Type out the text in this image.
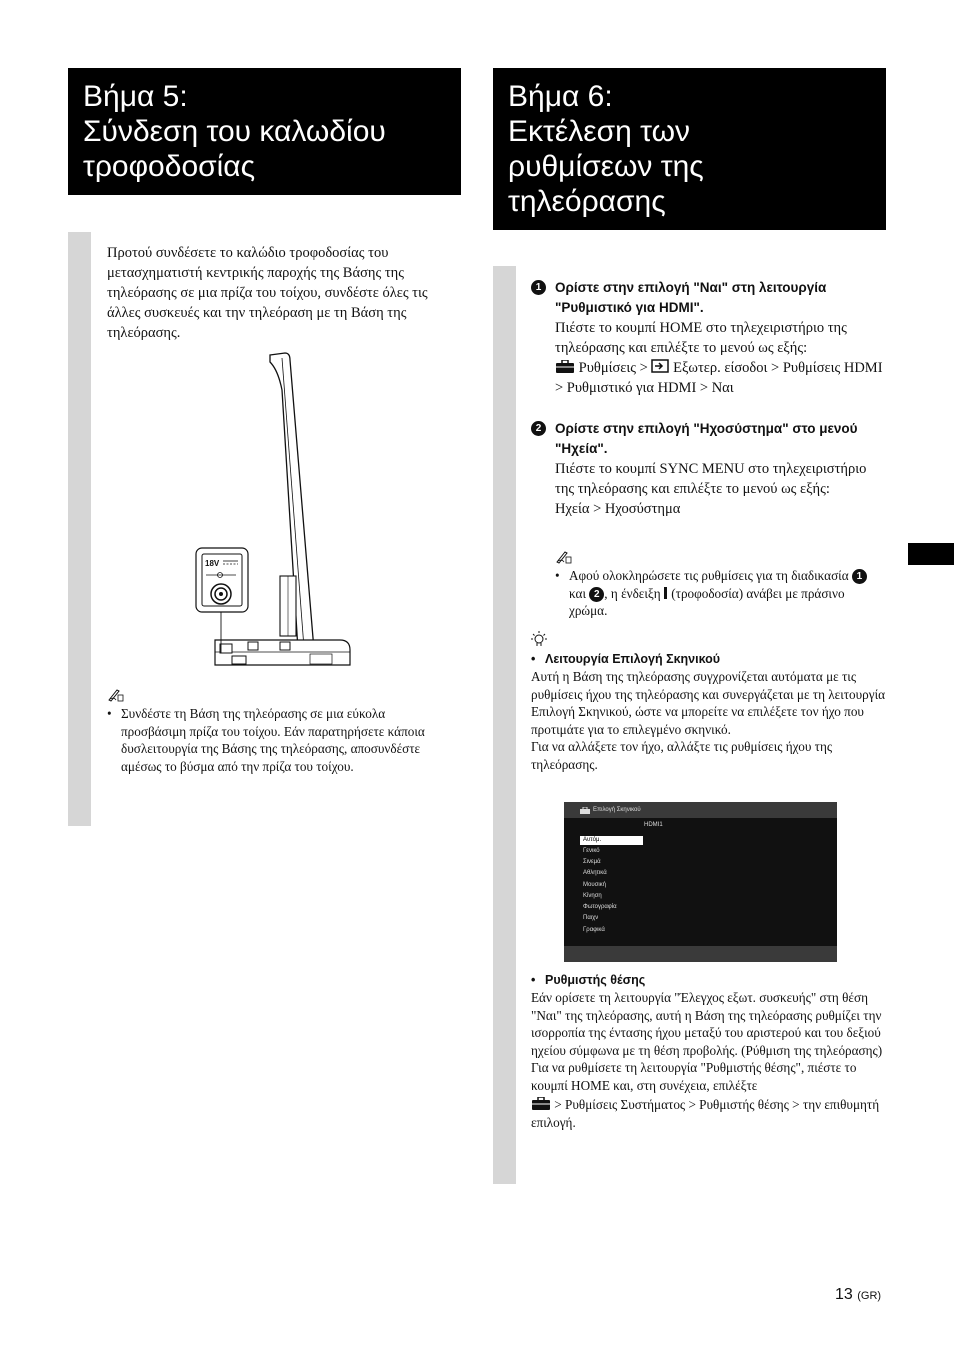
Βήμα 5:
Σύνδεση του καλωδίου
τροφοδοσίας
Βήμα 6:
Εκτέλεση των
ρυθμίσεων της
τηλεόρασης

Προτού συνδέσετε το καλώδιο τροφοδοσίας του μετασχηματιστή κεντρικής παροχής της Βάσης της τηλεόρασης σε μια πρίζα του τοίχου, συνδέστε όλες τις άλλες συσκευές και την τηλεόραση με τη Βάση της τηλεόρασης.

18V

• Συνδέστε τη Βάση της τηλεόρασης σε μια εύκολα προσβάσιμη πρίζα του τοίχου. Εάν παρατηρήσετε κάποια δυσλειτουργία της Βάσης της τηλεόρασης, αποσυνδέστε αμέσως το βύσμα από την πρίζα του τοίχου.

1	Ορίστε στην επιλογή "Ναι" στη λειτουργία "Ρυθμιστικό για HDMI".

Πιέστε το κουμπί HOME στο τηλεχειριστήριο της τηλεόρασης και επιλέξτε το μενού ως εξής:

Ρυθμίσεις > Εξωτερ. είσοδοι > Ρυθμίσεις HDMI > Ρυθμιστικό για HDMI > Ναι

2	Ορίστε στην επιλογή "Ηχοσύστημα" στο μενού "Ηχεία".

Πιέστε το κουμπί SYNC MENU στο τηλεχειριστήριο της τηλεόρασης και επιλέξτε το μενού ως εξής:

Ηχεία > Ηχοσύστημα

• Αφού ολοκληρώσετε τις ρυθμίσεις για τη διαδικασία 1 και 2 , η ένδειξη (τροφοδοσία) ανάβει με πράσινο χρώμα.

• Λειτουργία Επιλογή Σκηνικού

Αυτή η Βάση της τηλεόρασης συγχρονίζεται αυτόματα με τις ρυθμίσεις ήχου της τηλεόρασης και συνεργάζεται με τη λειτουργία Επιλογή Σκηνικού, ώστε να μπορείτε να επιλέξετε τον ήχο που προτιμάτε για το επιλεγμένο σκηνικό.

Για να αλλάξετε τον ήχο, αλλάξτε τις ρυθμίσεις ήχου της τηλεόρασης.

Επιλογή Σκηνικού
HDMI1
Αυτόμ.
Γενικό
Σινεμά
Αθλητικά
Μουσική
Κίνηση
Φωτογραφία
Παιχν
Γραφικά
• Ρυθμιστής θέσης

Εάν ορίσετε τη λειτουργία "Έλεγχος εξωτ. συσκευής" στη θέση "Ναι" της τηλεόρασης, αυτή η Βάση της τηλεόρασης ρυθμίζει την ισορροπία της έντασης ήχου μεταξύ του αριστερού και του δεξιού ηχείου σύμφωνα με τη θέση προβολής. (Ρύθμιση της τηλεόρασης)

Για να ρυθμίσετε τη λειτουργία "Ρυθμιστής θέσης", πιέστε το κουμπί HOME και, στη συνέχεια, επιλέξτε

> Ρυθμίσεις Συστήματος > Ρυθμιστής θέσης > την επιθυμητή επιλογή.

13 (GR)
